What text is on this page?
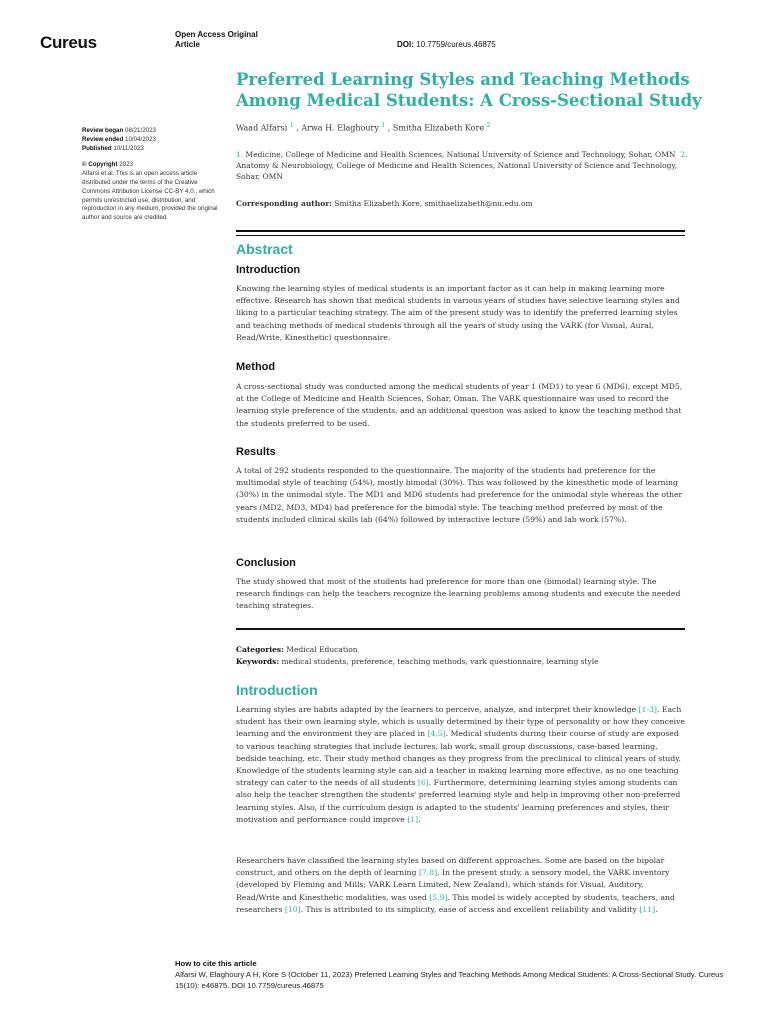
Cureus	Open Access Original
Article	DOI: 10.7759/cureus.46875
Preferred Learning Styles and Teaching Methods Among Medical Students: A Cross-Sectional Study
Waad Alfarsi $^1$ , Arwa H. Elaghoury $^1$ , Smitha Elizabeth Kore $^2$
1. Medicine, College of Medicine and Health Sciences, National University of Science and Technology, Sohar, OMN 2. Anatomy & Neurobiology, College of Medicine and Health Sciences, National University of Science and Technology, Sohar, OMN
Corresponding author: Smitha Elizabeth Kore, smithaelizabeth@nu.edu.om
Review began 08/21/2023
Review ended 10/04/2023
Published 10/11/2023
© Copyright 2023
Alfarsi et al. This is an open access article distributed under the terms of the Creative Commons Attribution License CC-BY 4.0., which permits unrestricted use, distribution, and reproduction in any medium, provided the original author and source are credited.
Abstract
Introduction

Knowing the learning styles of medical students is an important factor as it can help in making learning more effective. Research has shown that medical students in various years of studies have selective learning styles and liking to a particular teaching strategy. The aim of the present study was to identify the preferred learning styles and teaching methods of medical students through all the years of study using the VARK (for Visual, Aural, Read/Write, Kinesthetic) questionnaire.

Method

A cross-sectional study was conducted among the medical students of year 1 (MD1) to year 6 (MD6), except MD5, at the College of Medicine and Health Sciences, Sohar, Oman. The VARK questionnaire was used to record the learning style preference of the students, and an additional question was asked to know the teaching method that the students preferred to be used.

Results

A total of 292 students responded to the questionnaire. The majority of the students had preference for the multimodal style of teaching (54%), mostly bimodal (30%). This was followed by the kinesthetic mode of learning (30%) in the unimodal style. The MD1 and MD6 students had preference for the unimodal style whereas the other years (MD2, MD3, MD4) had preference for the bimodal style. The teaching method preferred by most of the students included clinical skills lab (64%) followed by interactive lecture (59%) and lab work (57%).

Conclusion

The study showed that most of the students had preference for more than one (bimodal) learning style. The research findings can help the teachers recognize the learning problems among students and execute the needed teaching strategies.

Categories: Medical Education
Keywords: medical students, preference, teaching methods, vark questionnaire, learning style
Introduction

Learning styles are habits adapted by the learners to perceive, analyze, and interpret their knowledge [1-3]. Each student has their own learning style, which is usually determined by their type of personality or how they conceive learning and the environment they are placed in [4,5]. Medical students during their course of study are exposed to various teaching strategies that include lectures, lab work, small group discussions, case-based learning, bedside teaching, etc. Their study method changes as they progress from the preclinical to clinical years of study. Knowledge of the students learning style can aid a teacher in making learning more effective, as no one teaching strategy can cater to the needs of all students [6]. Furthermore, determining learning styles among students can also help the teacher strengthen the students' preferred learning style and help in improving other non-preferred learning styles. Also, if the curriculum design is adapted to the students' learning preferences and styles, their motivation and performance could improve [1].

Researchers have classified the learning styles based on different approaches. Some are based on the bipolar construct, and others on the depth of learning [7,8]. In the present study, a sensory model, the VARK inventory (developed by Fleming and Mills; VARK Learn Limited, New Zealand), which stands for Visual, Auditory, Read/Write and Kinesthetic modalities, was used [5,9]. This model is widely accepted by students, teachers, and researchers [10]. This is attributed to its simplicity, ease of access and excellent reliability and validity [11].

How to cite this article
Alfarsi W, Elaghoury A H, Kore S (October 11, 2023) Preferred Learning Styles and Teaching Methods Among Medical Students: A Cross-Sectional Study. Cureus 15(10): e46875. DOI 10.7759/cureus.46875
